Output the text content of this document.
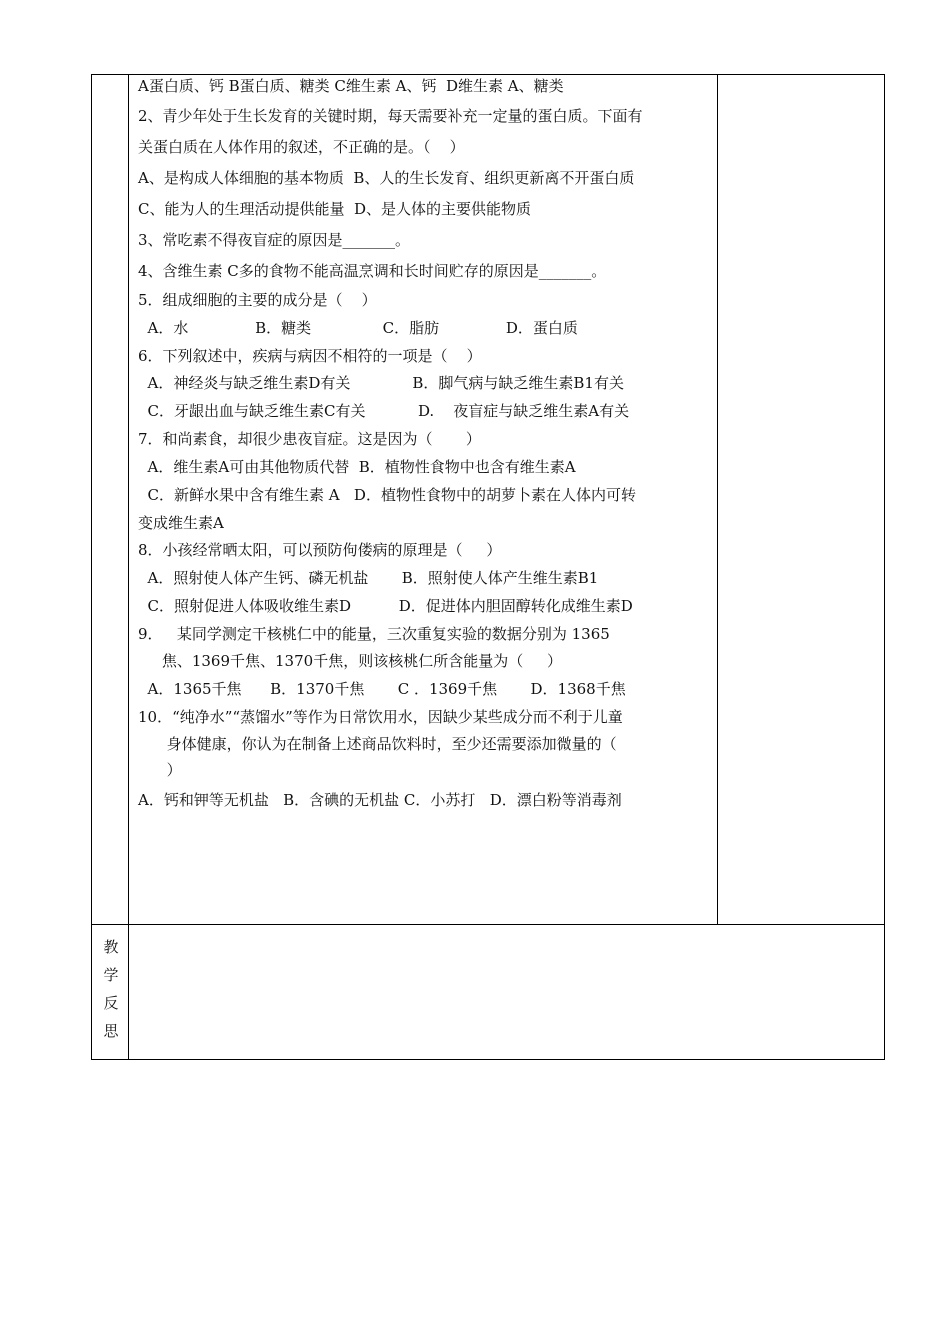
A蛋白质、钙 B蛋白质、糖类 C维生素 A、钙  D维生素 A、糖类
2、青少年处于生长发育的关键时期，每天需要补充一定量的蛋白质。下面有
关蛋白质在人体作用的叙述，不正确的是。（    ）
A、是构成人体细胞的基本物质  B、人的生长发育、组织更新离不开蛋白质
C、能为人的生理活动提供能量  D、是人体的主要供能物质
3、常吃素不得夜盲症的原因是_______。
4、含维生素 C多的食物不能高温烹调和长时间贮存的原因是_______。
5．组成细胞的主要的成分是（    ）
A．水              B．糖类               C．脂肪              D．蛋白质
6．下列叙述中，疾病与病因不相符的一项是（    ）
A．神经炎与缺乏维生素D有关             B．脚气病与缺乏维生素B1有关
C．牙龈出血与缺乏维生素C有关           D.    夜盲症与缺乏维生素A有关
7．和尚素食，却很少患夜盲症。这是因为（       ）
A．维生素A可由其他物质代替  B．植物性食物中也含有维生素A
C．新鲜水果中含有维生素 A   D．植物性食物中的胡萝卜素在人体内可转
变成维生素A
8．小孩经常晒太阳，可以预防佝偻病的原理是（     ）
A．照射使人体产生钙、磷无机盐       B．照射使人体产生维生素B1
C．照射促进人体吸收维生素D          D．促进体内胆固醇转化成维生素D
9．   某同学测定干核桃仁中的能量，三次重复实验的数据分别为 1365
焦、1369千焦、1370千焦，则该核桃仁所含能量为（     ）
A．1365千焦      B．1370千焦       C ．1369千焦       D．1368千焦
10．“纯净水”“蒸馏水”等作为日常饮用水，因缺少某些成分而不利于儿童
身体健康，你认为在制备上述商品饮料时，至少还需要添加微量的（
）
A．钙和钾等无机盐   B．含碘的无机盐 C．小苏打   D．漂白粉等消毒剂
教
学
反
思
